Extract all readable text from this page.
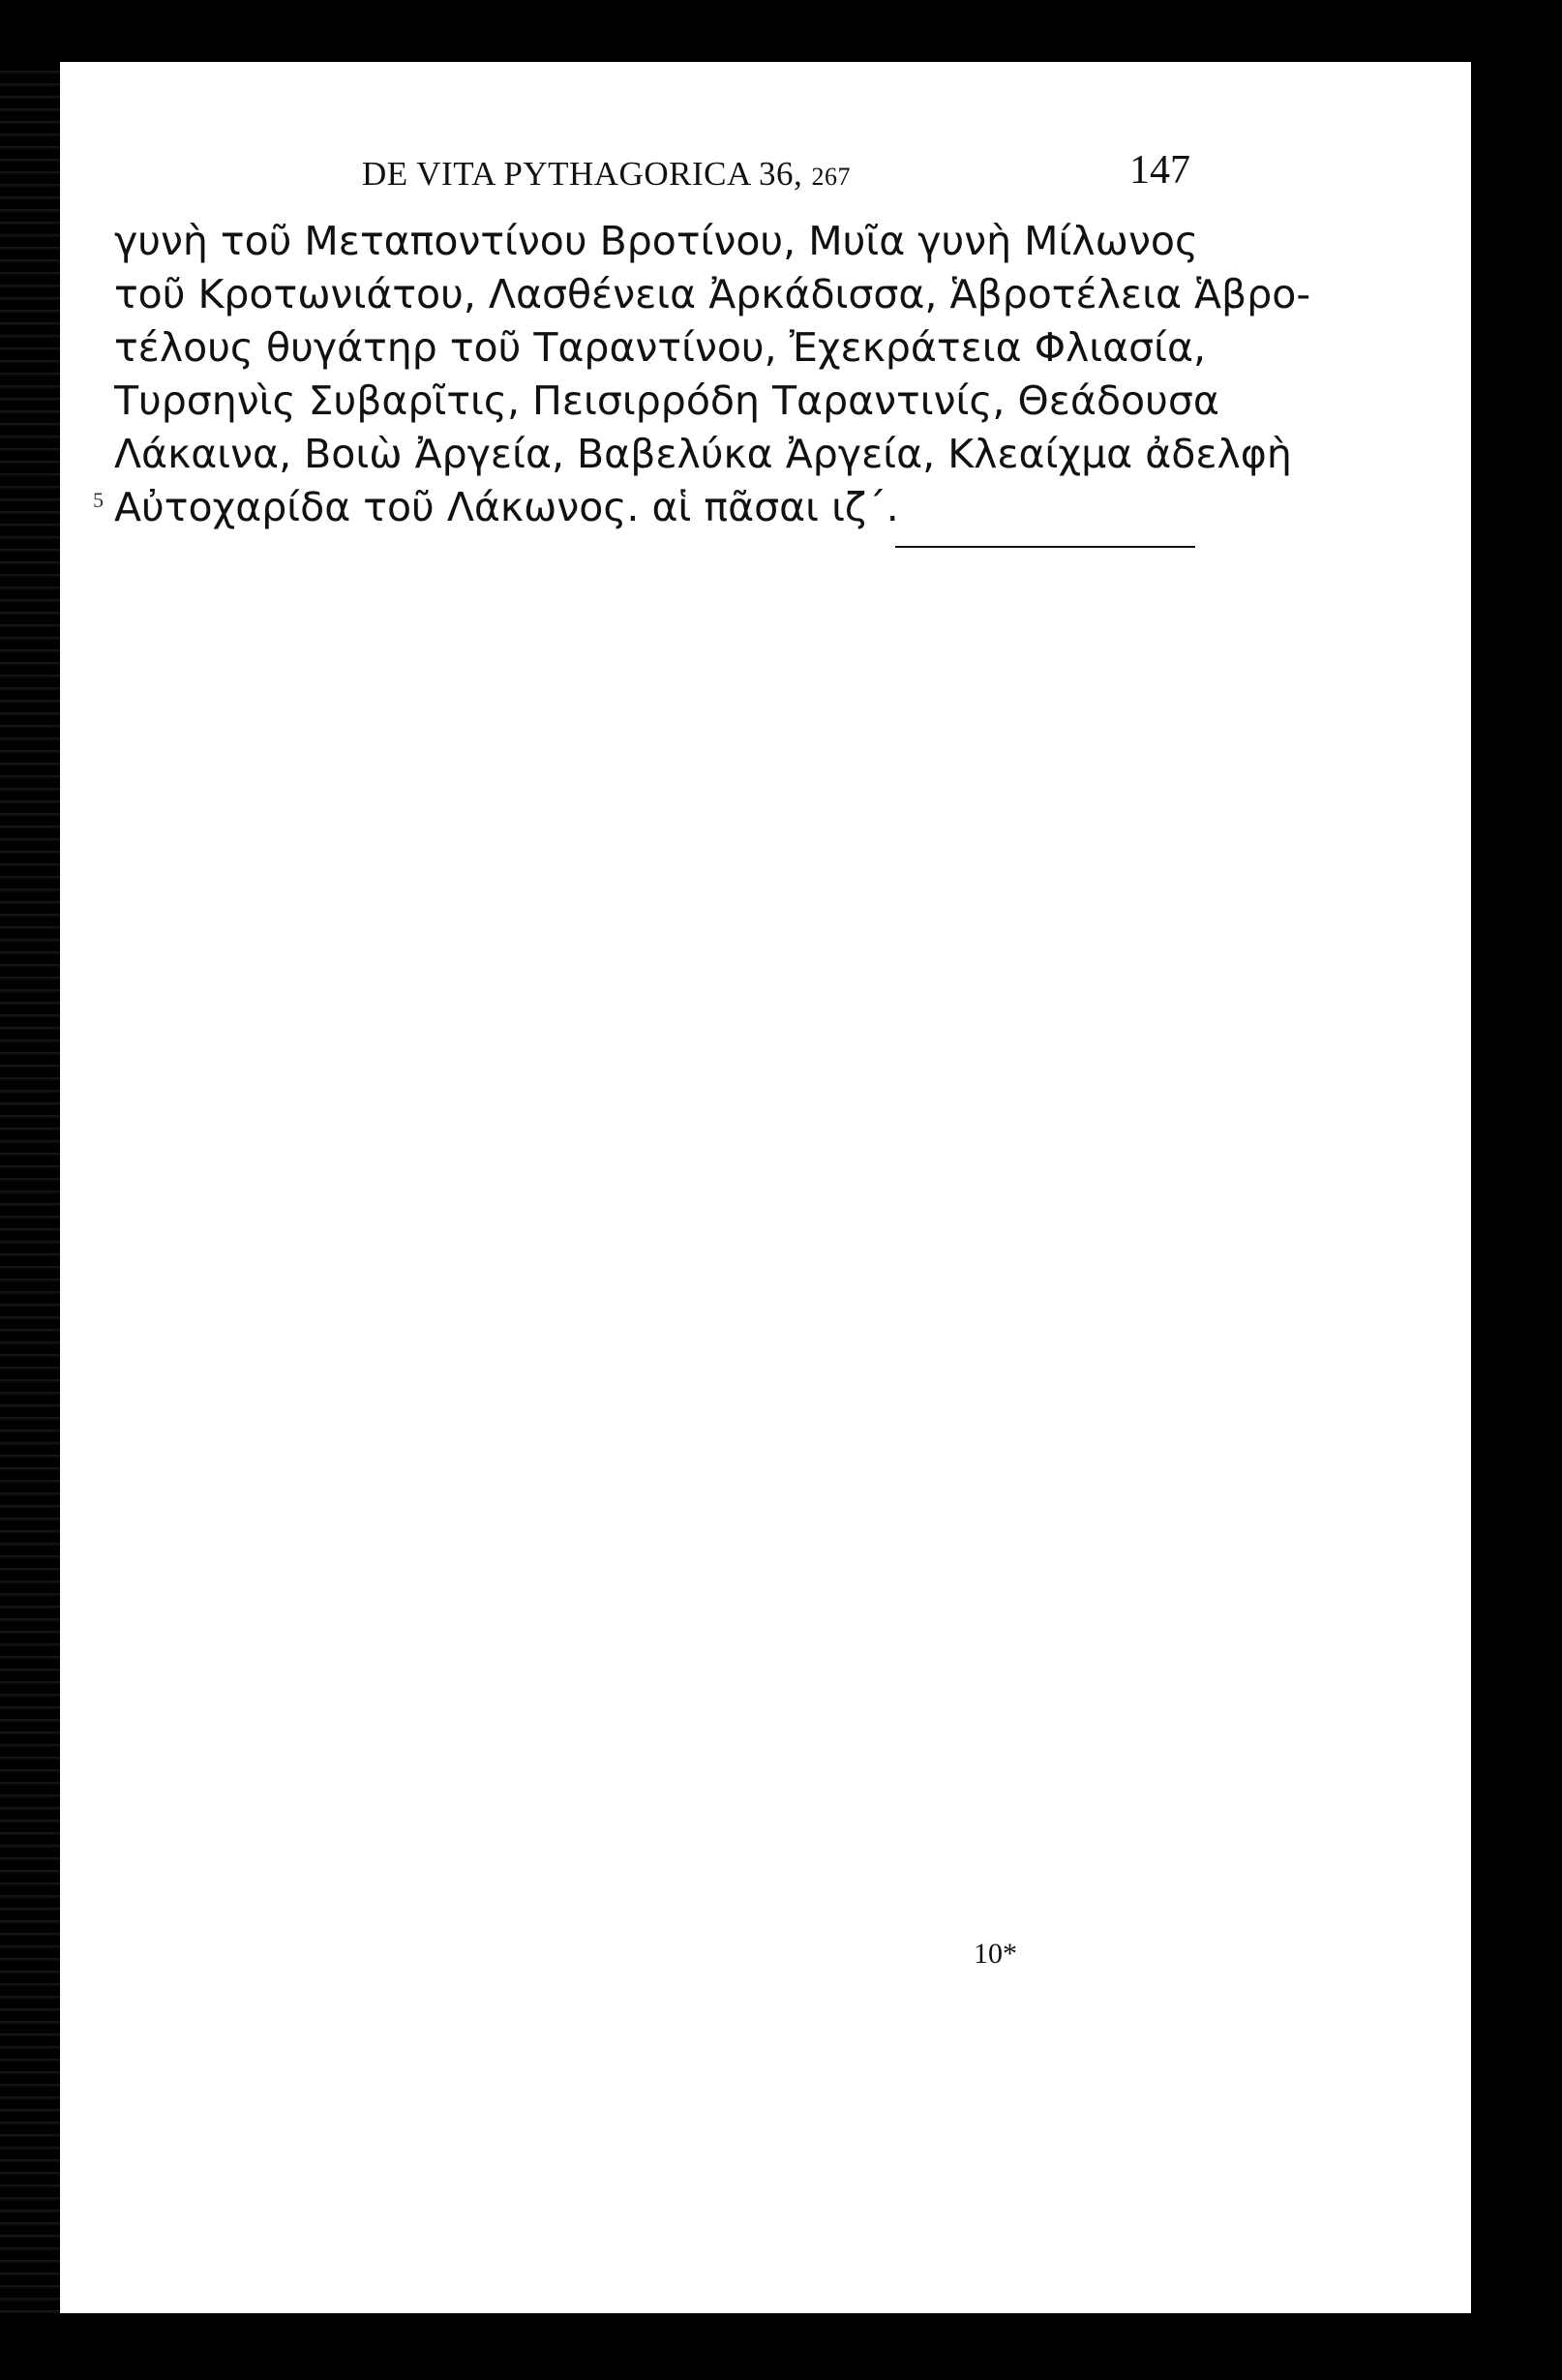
DE VITA PYTHAGORICA 36, 267	147
γυνὴ τοῦ Μεταποντίνου Βροτίνου, Μυῖα γυνὴ Μίλωνος
τοῦ Κροτωνιάτου, Λασθένεια Ἀρκάδισσα, Ἁβροτέλεια Ἁβρο-
τέλους θυγάτηρ τοῦ Ταραντίνου, Ἐχεκράτεια Φλιασία,
Τυρσηνὶς Συβαρῖτις, Πεισιρρόδη Ταραντινίς, Θεάδουσα
Λάκαινα, Βοιὼ Ἀργεία, Βαβελύκα Ἀργεία, Κλεαίχμα ἀδελφὴ
Αὐτοχαρίδα τοῦ Λάκωνος. αἱ πᾶσαι ιζ΄.
5
10*
